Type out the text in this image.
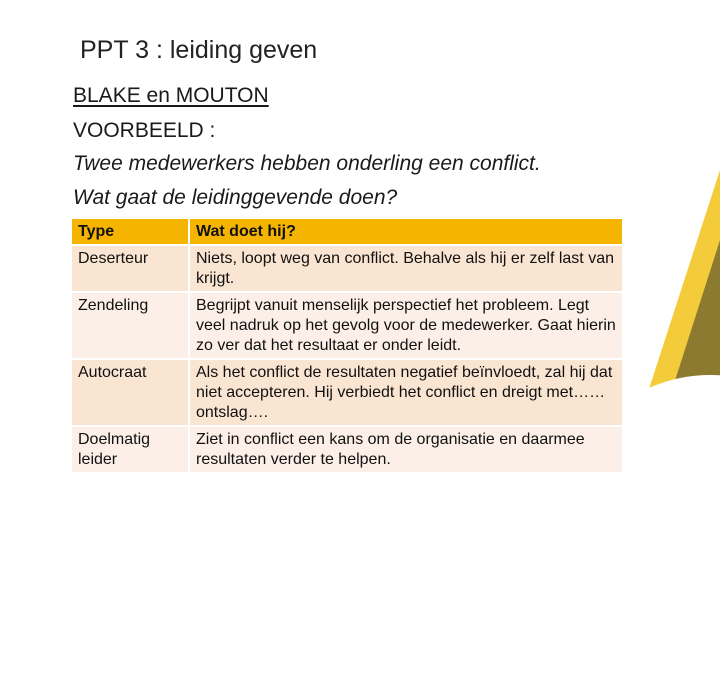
PPT 3 : leiding geven
BLAKE en MOUTON
VOORBEELD :
Twee medewerkers hebben onderling een conflict.
Wat gaat de leidinggevende doen?
Type	Wat doet hij?
Deserteur	Niets, loopt weg van conflict. Behalve als hij er zelf last van krijgt.
Zendeling	Begrijpt vanuit menselijk perspectief het probleem. Legt veel nadruk op het gevolg voor de medewerker. Gaat hierin zo ver dat het resultaat er onder leidt.
Autocraat	Als het conflict de resultaten negatief beïnvloedt, zal hij dat niet accepteren. Hij verbiedt het conflict en dreigt met…… ontslag….
Doelmatig leider	Ziet in conflict een kans om de organisatie en daarmee resultaten verder te helpen.
